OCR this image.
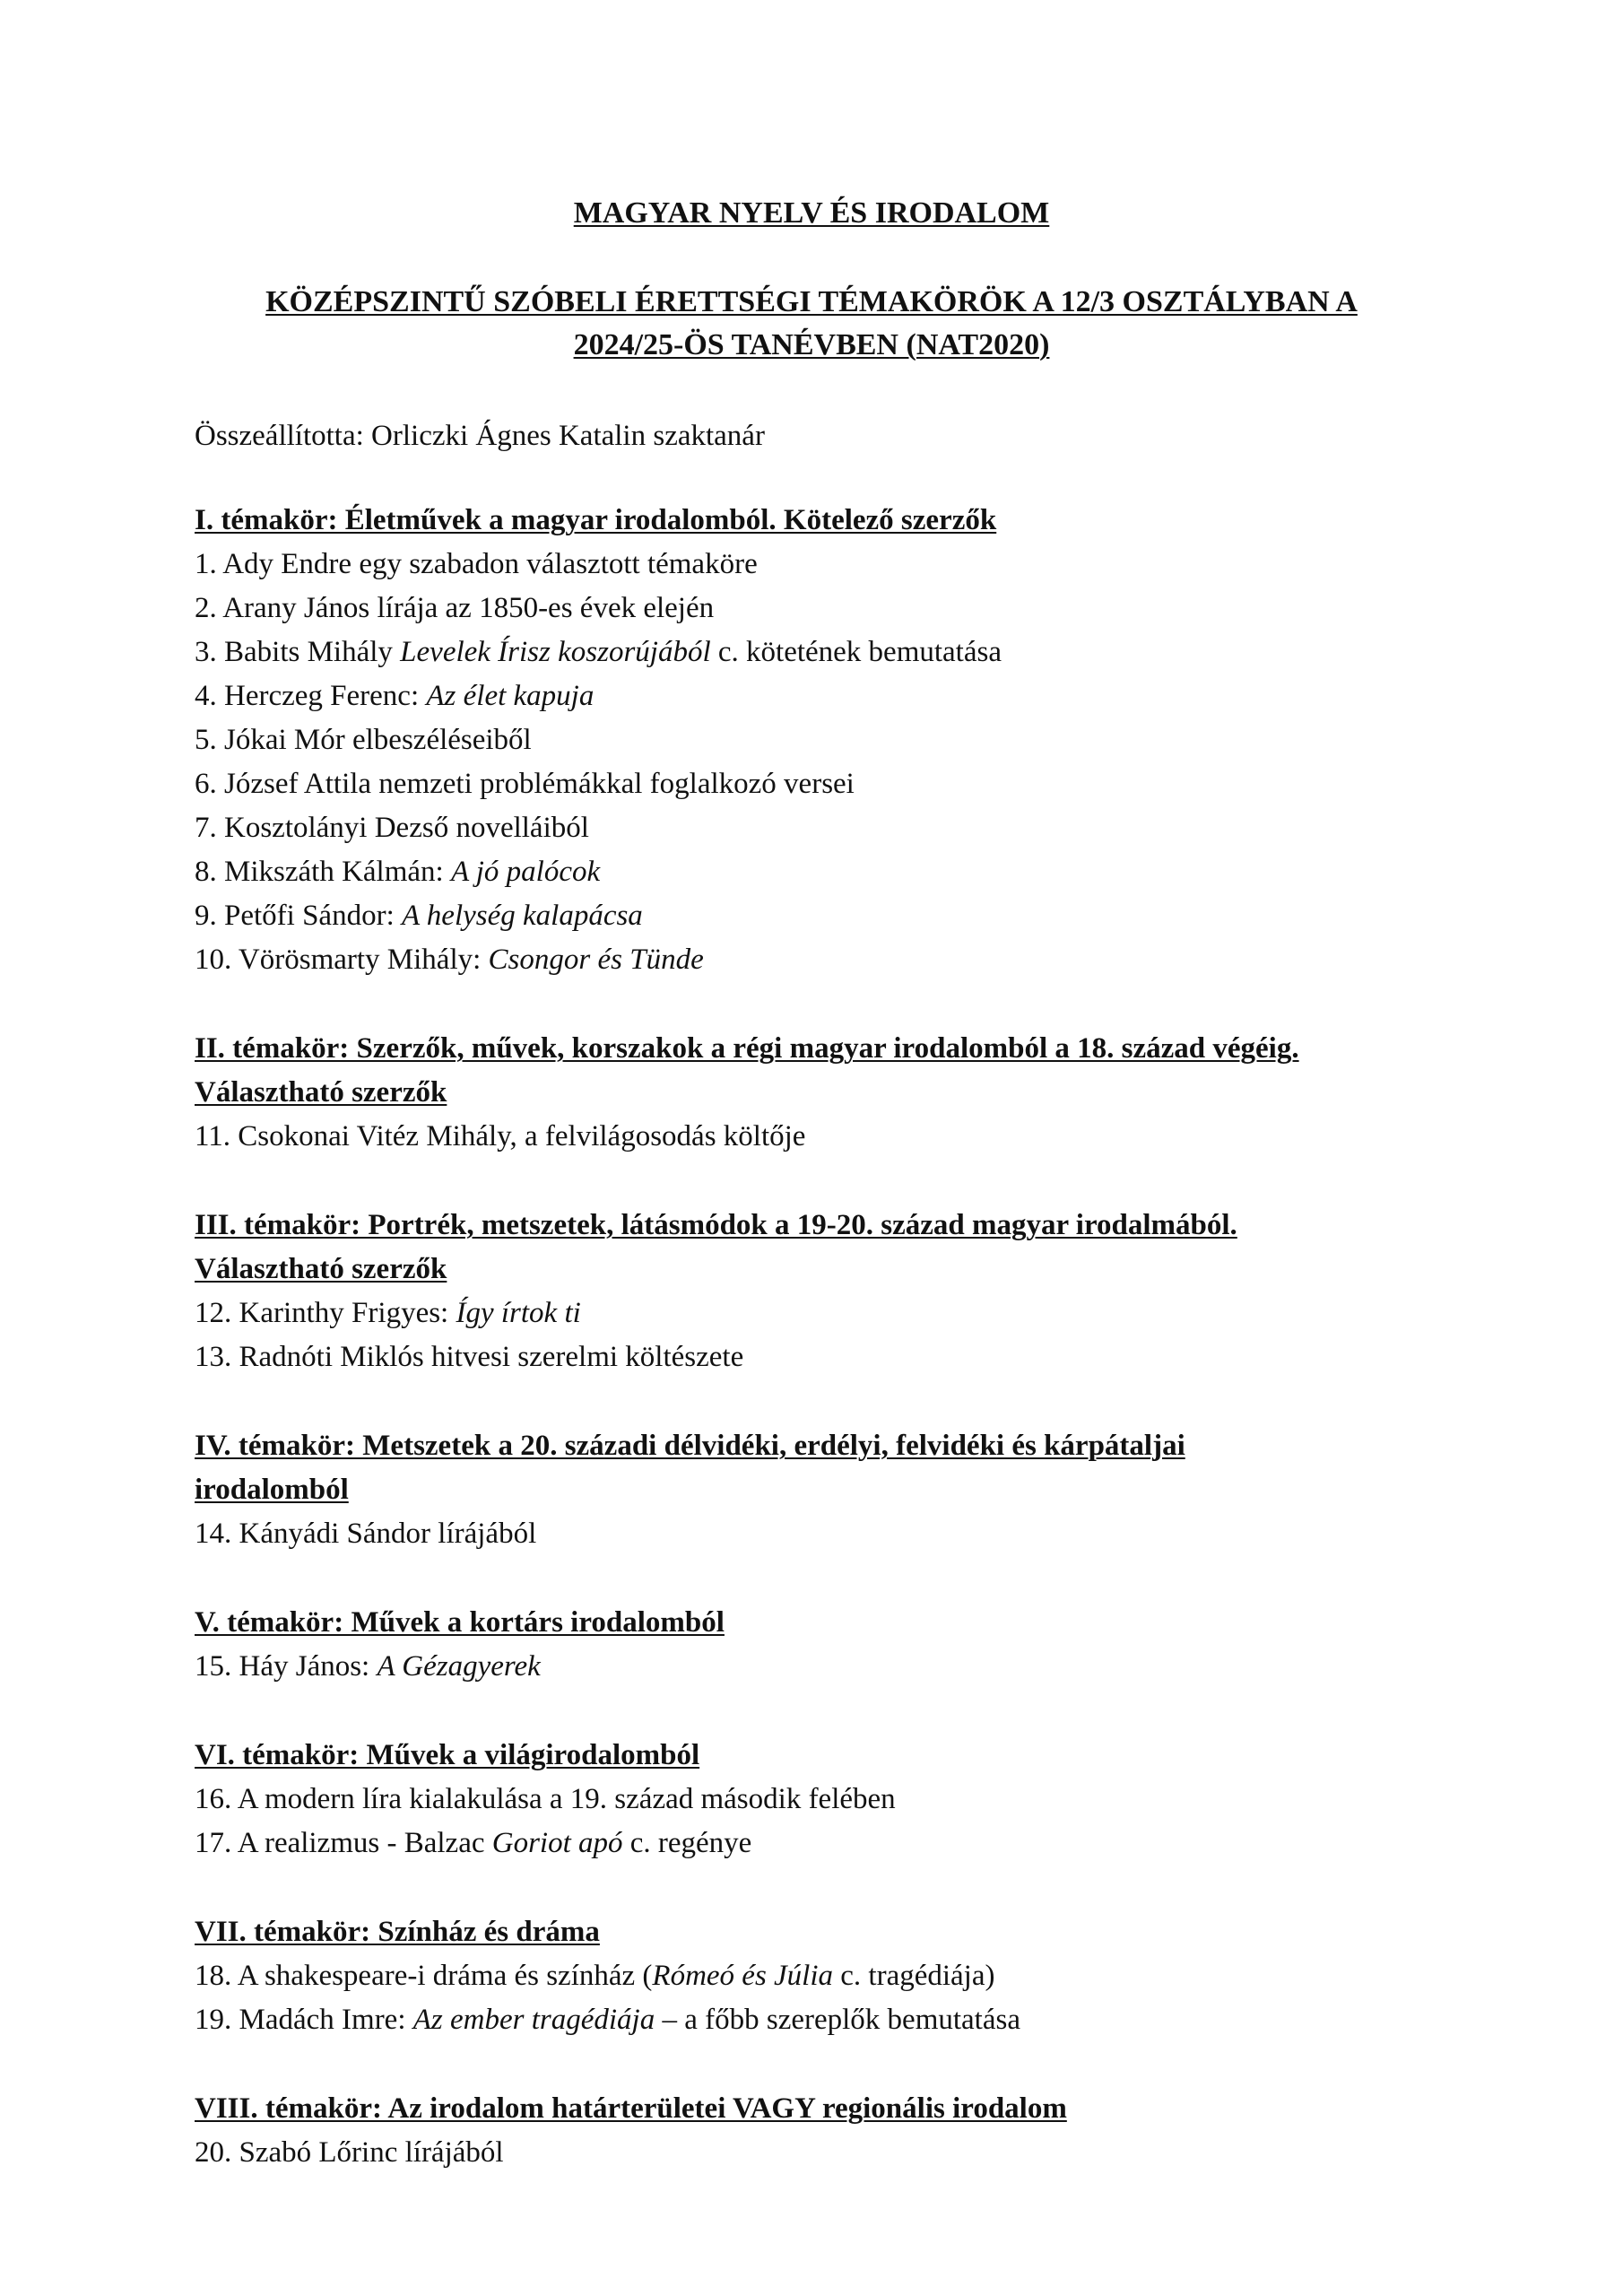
MAGYAR NYELV ÉS IRODALOM
KÖZÉPSZINTŰ SZÓBELI ÉRETTSÉGI TÉMAKÖRÖK A 12/3 OSZTÁLYBAN A
2024/25-ÖS TANÉVBEN (NAT2020)
Összeállította: Orliczki Ágnes Katalin szaktanár
I. témakör: Életművek a magyar irodalomból. Kötelező szerzők
1. Ady Endre egy szabadon választott témaköre
2. Arany János lírája az 1850-es évek elején
3. Babits Mihály Levelek Írisz koszorújából c. kötetének bemutatása
4. Herczeg Ferenc: Az élet kapuja
5. Jókai Mór elbeszéléseiből
6. József Attila nemzeti problémákkal foglalkozó versei
7. Kosztolányi Dezső novelláiból
8. Mikszáth Kálmán: A jó palócok
9. Petőfi Sándor: A helység kalapácsa
10. Vörösmarty Mihály: Csongor és Tünde
II. témakör: Szerzők, művek, korszakok a régi magyar irodalomból a 18. század végéig.
Választható szerzők
11. Csokonai Vitéz Mihály, a felvilágosodás költője
III. témakör: Portrék, metszetek, látásmódok a 19-20. század magyar irodalmából.
Választható szerzők
12. Karinthy Frigyes: Így írtok ti
13. Radnóti Miklós hitvesi szerelmi költészete
IV. témakör: Metszetek a 20. századi délvidéki, erdélyi, felvidéki és kárpátaljai
irodalomból
14. Kányádi Sándor lírájából
V. témakör: Művek a kortárs irodalomból
15. Háy János: A Gézagyerek
VI. témakör: Művek a világirodalomból
16. A modern líra kialakulása a 19. század második felében
17. A realizmus - Balzac Goriot apó c. regénye
VII. témakör: Színház és dráma
18. A shakespeare-i dráma és színház (Rómeó és Júlia c. tragédiája)
19. Madách Imre: Az ember tragédiája – a főbb szereplők bemutatása
VIII. témakör: Az irodalom határterületei VAGY regionális irodalom
20. Szabó Lőrinc lírájából
